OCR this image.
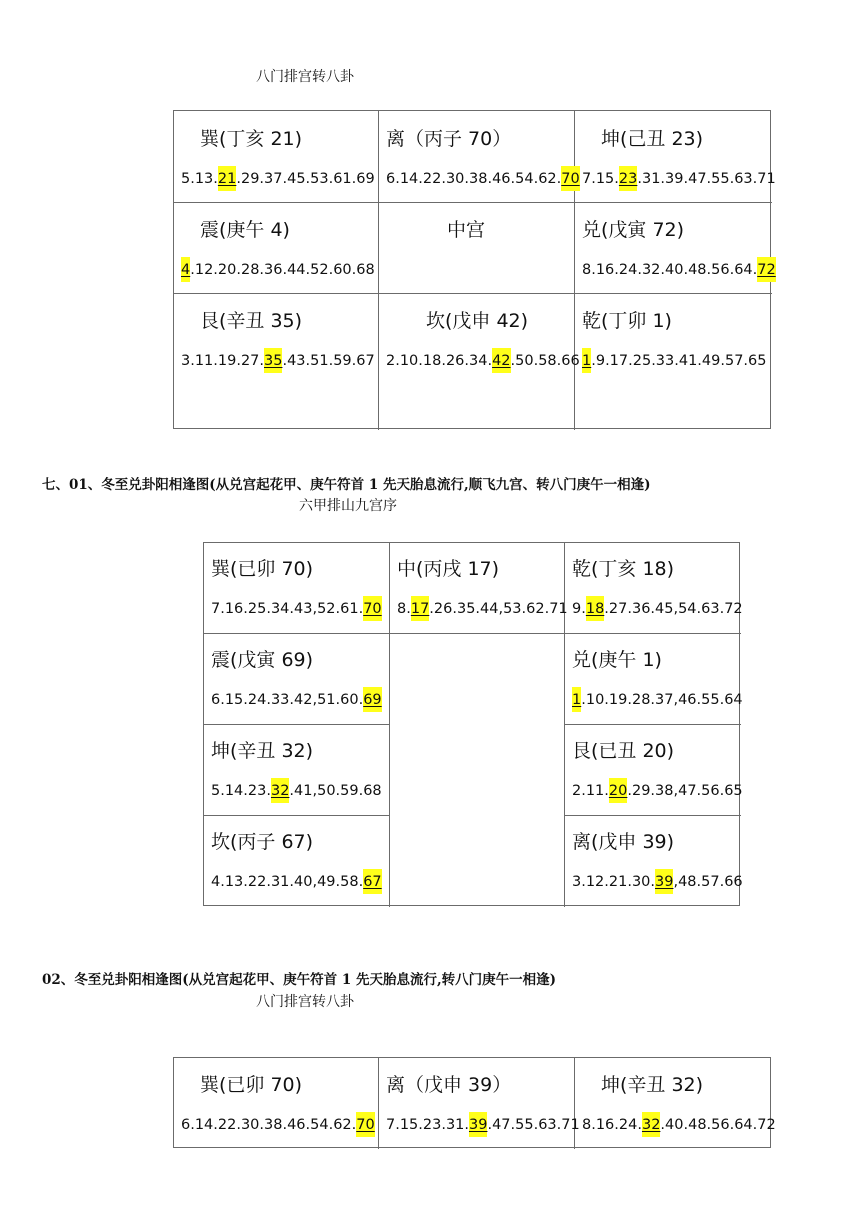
八门排宫转八卦
巽(丁亥 21)
5.13.21.29.37.45.53.61.69
离（丙子 70）
6.14.22.30.38.46.54.62.70
坤(己丑 23)
7.15.23.31.39.47.55.63.71
震(庚午 4)
4.12.20.28.36.44.52.60.68
中宫	兑(戊寅 72)
8.16.24.32.40.48.56.64.72
艮(辛丑 35)
3.11.19.27.35.43.51.59.67
坎(戊申 42)
2.10.18.26.34.42.50.58.66
乾(丁卯 1)
1.9.17.25.33.41.49.57.65
七、01、冬至兑卦阳相逢图(从兑宫起花甲、庚午符首 1 先天胎息流行,顺飞九宫、转八门庚午一相逢)
六甲排山九宫序
巽(已卯 70)
7.16.25.34.43,52.61.70
中(丙戌 17)
8.17.26.35.44,53.62.71
乾(丁亥 18)
9.18.27.36.45,54.63.72
震(戊寅 69)
6.15.24.33.42,51.60.69
坤(辛丑 32)
5.14.23.32.41,50.59.68
坎(丙子 67)
4.13.22.31.40,49.58.67
兑(庚午 1)
1.10.19.28.37,46.55.64
艮(已丑 20)
2.11.20.29.38,47.56.65
离(戊申 39)
3.12.21.30.39,48.57.66
02、冬至兑卦阳相逢图(从兑宫起花甲、庚午符首 1 先天胎息流行,转八门庚午一相逢)
八门排宫转八卦
巽(已卯 70)
6.14.22.30.38.46.54.62.70
离（戊申 39）
7.15.23.31.39.47.55.63.71
坤(辛丑 32)
8.16.24.32.40.48.56.64.72
